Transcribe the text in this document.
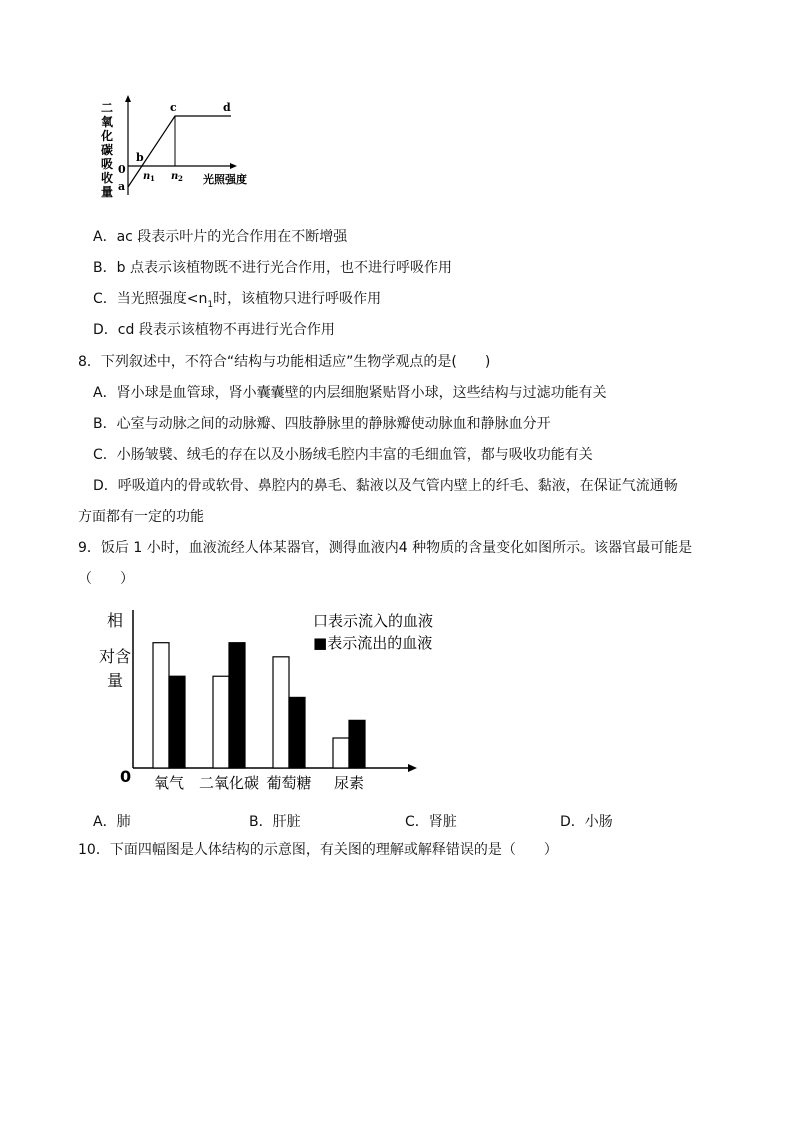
二
氧
化
碳
吸
收
量 a
b
c	d
0
n 1 n 2 光照强度
A．ac 段表示叶片的光合作用在不断增强
B．b 点表示该植物既不进行光合作用，也不进行呼吸作用
C．当光照强度$<n_1$时，该植物只进行呼吸作用
D．cd 段表示该植物不再进行光合作用
8．下列叙述中，不符合“结构与功能相适应”生物学观点的是(　　)
A．肾小球是血管球，肾小囊囊壁的内层细胞紧贴肾小球，这些结构与过滤功能有关
B．心室与动脉之间的动脉瓣、四肢静脉里的静脉瓣使动脉血和静脉血分开
C．小肠皱襞、绒毛的存在以及小肠绒毛腔内丰富的毛细血管，都与吸收功能有关
D．呼吸道内的骨或软骨、鼻腔内的鼻毛、黏液以及气管内壁上的纤毛、黏液，在保证气流通畅
方面都有一定的功能
9．饭后 1 小时，血液流经人体某器官，测得血液内4 种物质的含量变化如图所示。该器官最可能是
（　　）
相
对含
量
0
口表示流入的血液
■表示流出的血液
氧气 二氧化碳 葡萄糖 尿素
A．肺	B．肝脏	C．肾脏	D．小肠
10．下面四幅图是人体结构的示意图，有关图的理解或解释错误的是（　　）
